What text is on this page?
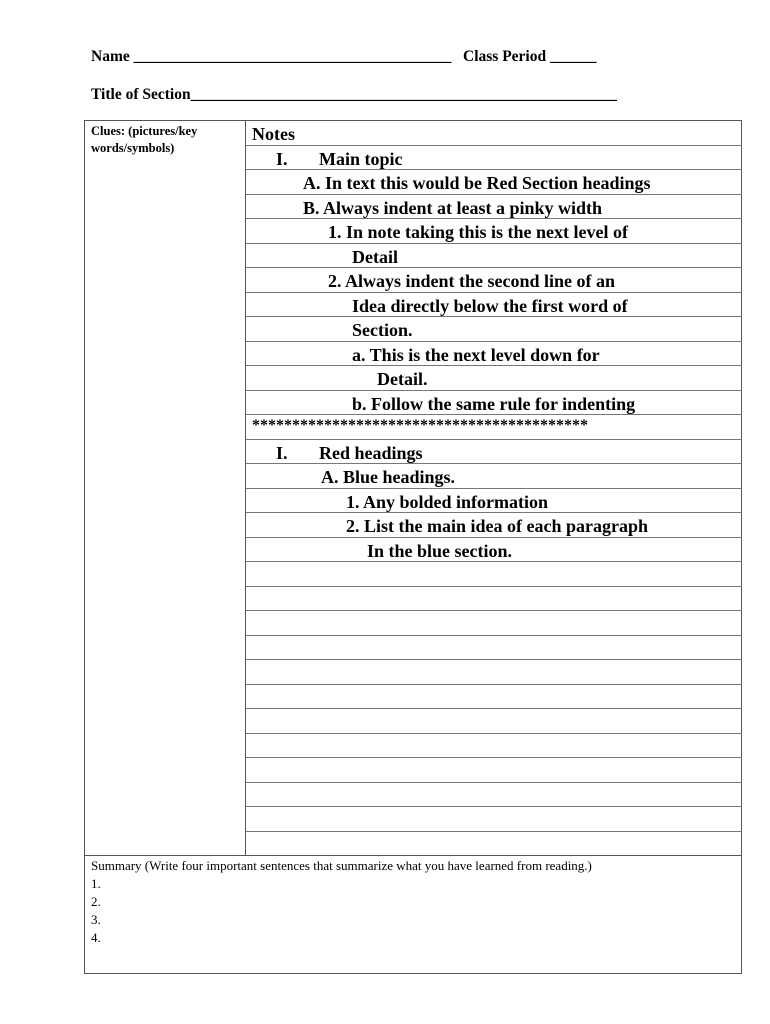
Name _________________________________________ Class Period ______
Title of Section_______________________________________________________
Clues: (pictures/key words/symbols)
Notes
I.       Main topic
A. In text this would be Red Section headings
B. Always indent at least a pinky width
1. In note taking this is the next level of
Detail
2. Always indent the second line of an
Idea directly below the first word of
Section.
a. This is the next level down for
Detail.
b. Follow the same rule for indenting
******************************************
I.       Red headings
A. Blue headings.
1. Any bolded information
2. List the main idea of each paragraph
In the blue section.
Summary (Write four important sentences that summarize what you have learned from reading.)
1.
2.
3.
4.
